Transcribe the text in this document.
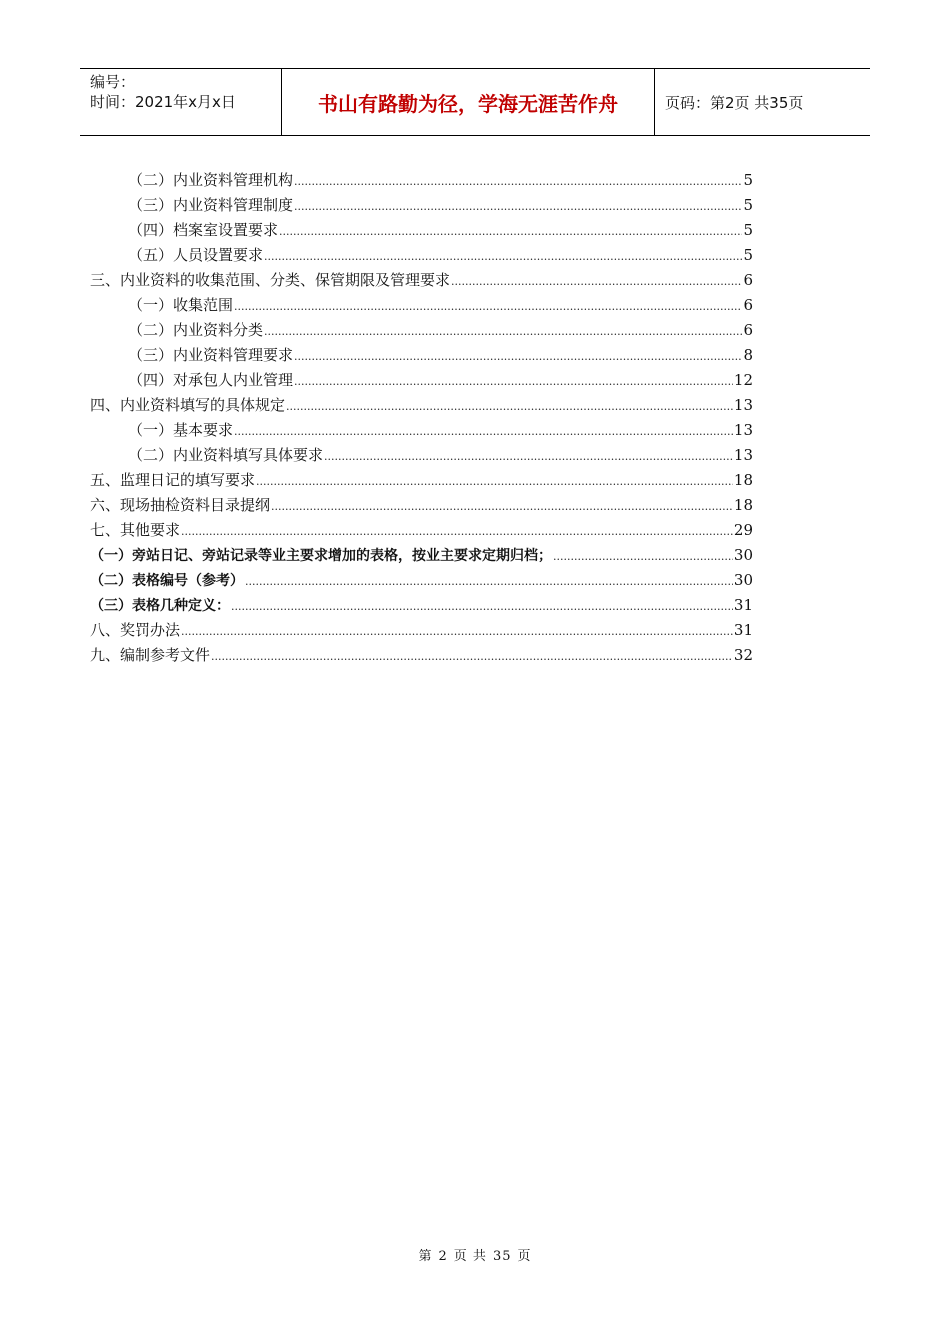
编号：
时间：2021年x月x日	书山有路勤为径，学海无涯苦作舟	页码：第2页 共35页
（二）内业资料管理机构 .....	5
（三）内业资料管理制度 .....	5
（四）档案室设置要求 .....	5
（五）人员设置要求 .....	5
三、内业资料的收集范围、分类、保管期限及管理要求 .....	6
（一）收集范围 .....	6
（二）内业资料分类 .....	6
（三）内业资料管理要求 .....	8
（四）对承包人内业管理 .....	12
四、内业资料填写的具体规定 .....	13
（一）基本要求 .....	13
（二）内业资料填写具体要求 .....	13
五、监理日记的填写要求 .....	18
六、现场抽检资料目录提纲 .....	18
七、其他要求 .....	29
（一）旁站日记、旁站记录等业主要求增加的表格，按业主要求定期归档； .....	30
（二）表格编号（参考） .....	30
（三）表格几种定义： .....	31
八、奖罚办法 .....	31
九、编制参考文件 .....	32
第 2 页 共 35 页
